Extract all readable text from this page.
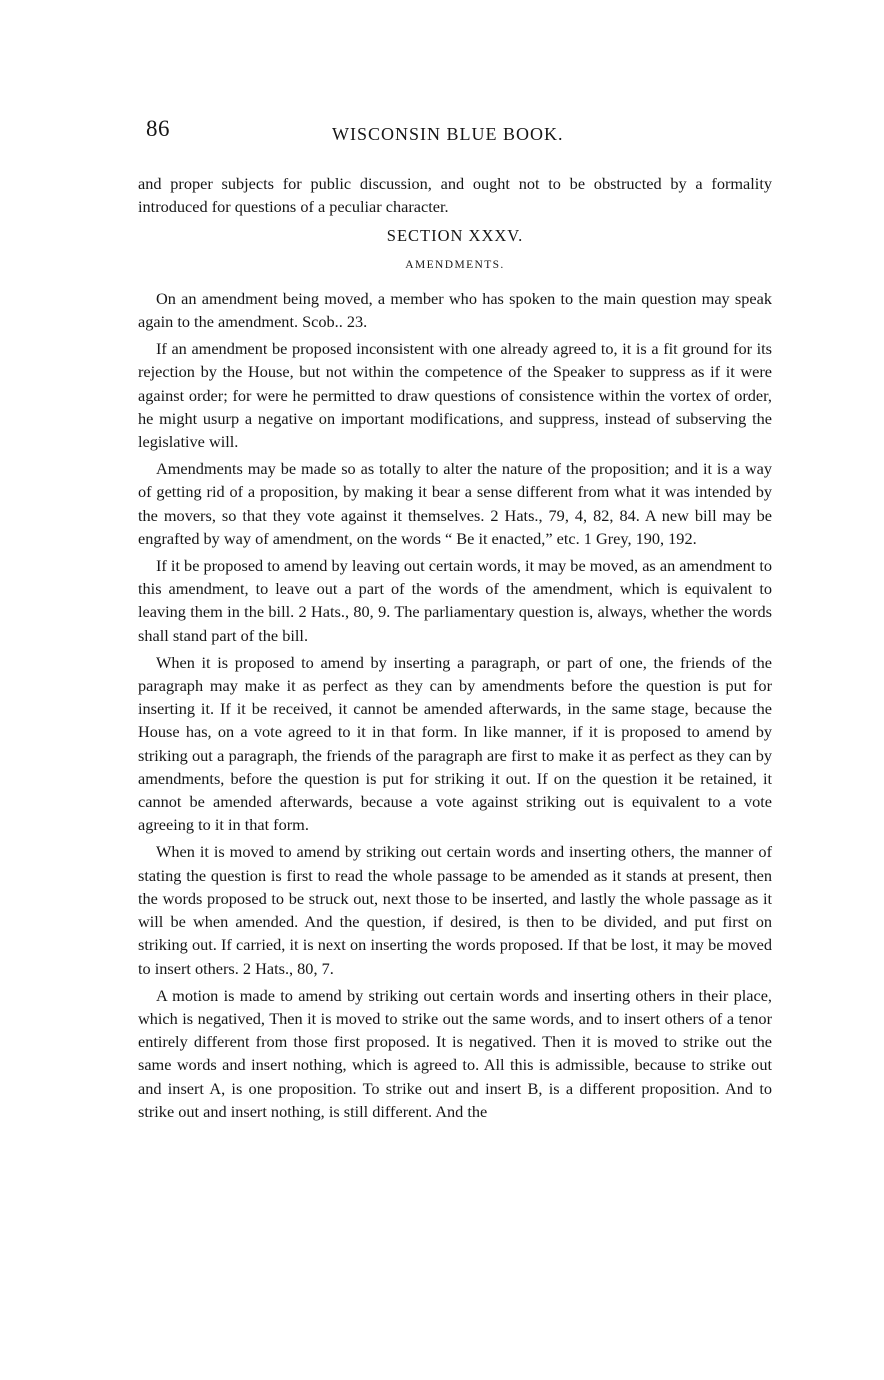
86	WISCONSIN BLUE BOOK.

and proper subjects for public discussion, and ought not to be obstructed by a formality introduced for questions of a peculiar character.

SECTION XXXV.
AMENDMENTS.

On an amendment being moved, a member who has spoken to the main question may speak again to the amendment. Scob.. 23.

If an amendment be proposed inconsistent with one already agreed to, it is a fit ground for its rejection by the House, but not within the competence of the Speaker to suppress as if it were against order; for were he permitted to draw questions of consistence within the vortex of order, he might usurp a negative on important modifications, and suppress, instead of subserving the legislative will.

Amendments may be made so as totally to alter the nature of the proposition; and it is a way of getting rid of a proposition, by making it bear a sense different from what it was intended by the movers, so that they vote against it themselves. 2 Hats., 79, 4, 82, 84. A new bill may be engrafted by way of amendment, on the words “ Be it enacted,” etc. 1 Grey, 190, 192.

If it be proposed to amend by leaving out certain words, it may be moved, as an amendment to this amendment, to leave out a part of the words of the amendment, which is equivalent to leaving them in the bill. 2 Hats., 80, 9. The parliamentary question is, always, whether the words shall stand part of the bill.

When it is proposed to amend by inserting a paragraph, or part of one, the friends of the paragraph may make it as perfect as they can by amendments before the question is put for inserting it. If it be received, it cannot be amended afterwards, in the same stage, because the House has, on a vote agreed to it in that form. In like manner, if it is proposed to amend by striking out a paragraph, the friends of the paragraph are first to make it as perfect as they can by amendments, before the question is put for striking it out. If on the question it be retained, it cannot be amended afterwards, because a vote against striking out is equivalent to a vote agreeing to it in that form.

When it is moved to amend by striking out certain words and inserting others, the manner of stating the question is first to read the whole passage to be amended as it stands at present, then the words proposed to be struck out, next those to be inserted, and lastly the whole passage as it will be when amended. And the question, if desired, is then to be divided, and put first on striking out. If carried, it is next on inserting the words proposed. If that be lost, it may be moved to insert others. 2 Hats., 80, 7.

A motion is made to amend by striking out certain words and inserting others in their place, which is negatived, Then it is moved to strike out the same words, and to insert others of a tenor entirely different from those first proposed. It is negatived. Then it is moved to strike out the same words and insert nothing, which is agreed to. All this is admissible, because to strike out and insert A, is one proposition. To strike out and insert B, is a different proposition. And to strike out and insert nothing, is still different. And the
